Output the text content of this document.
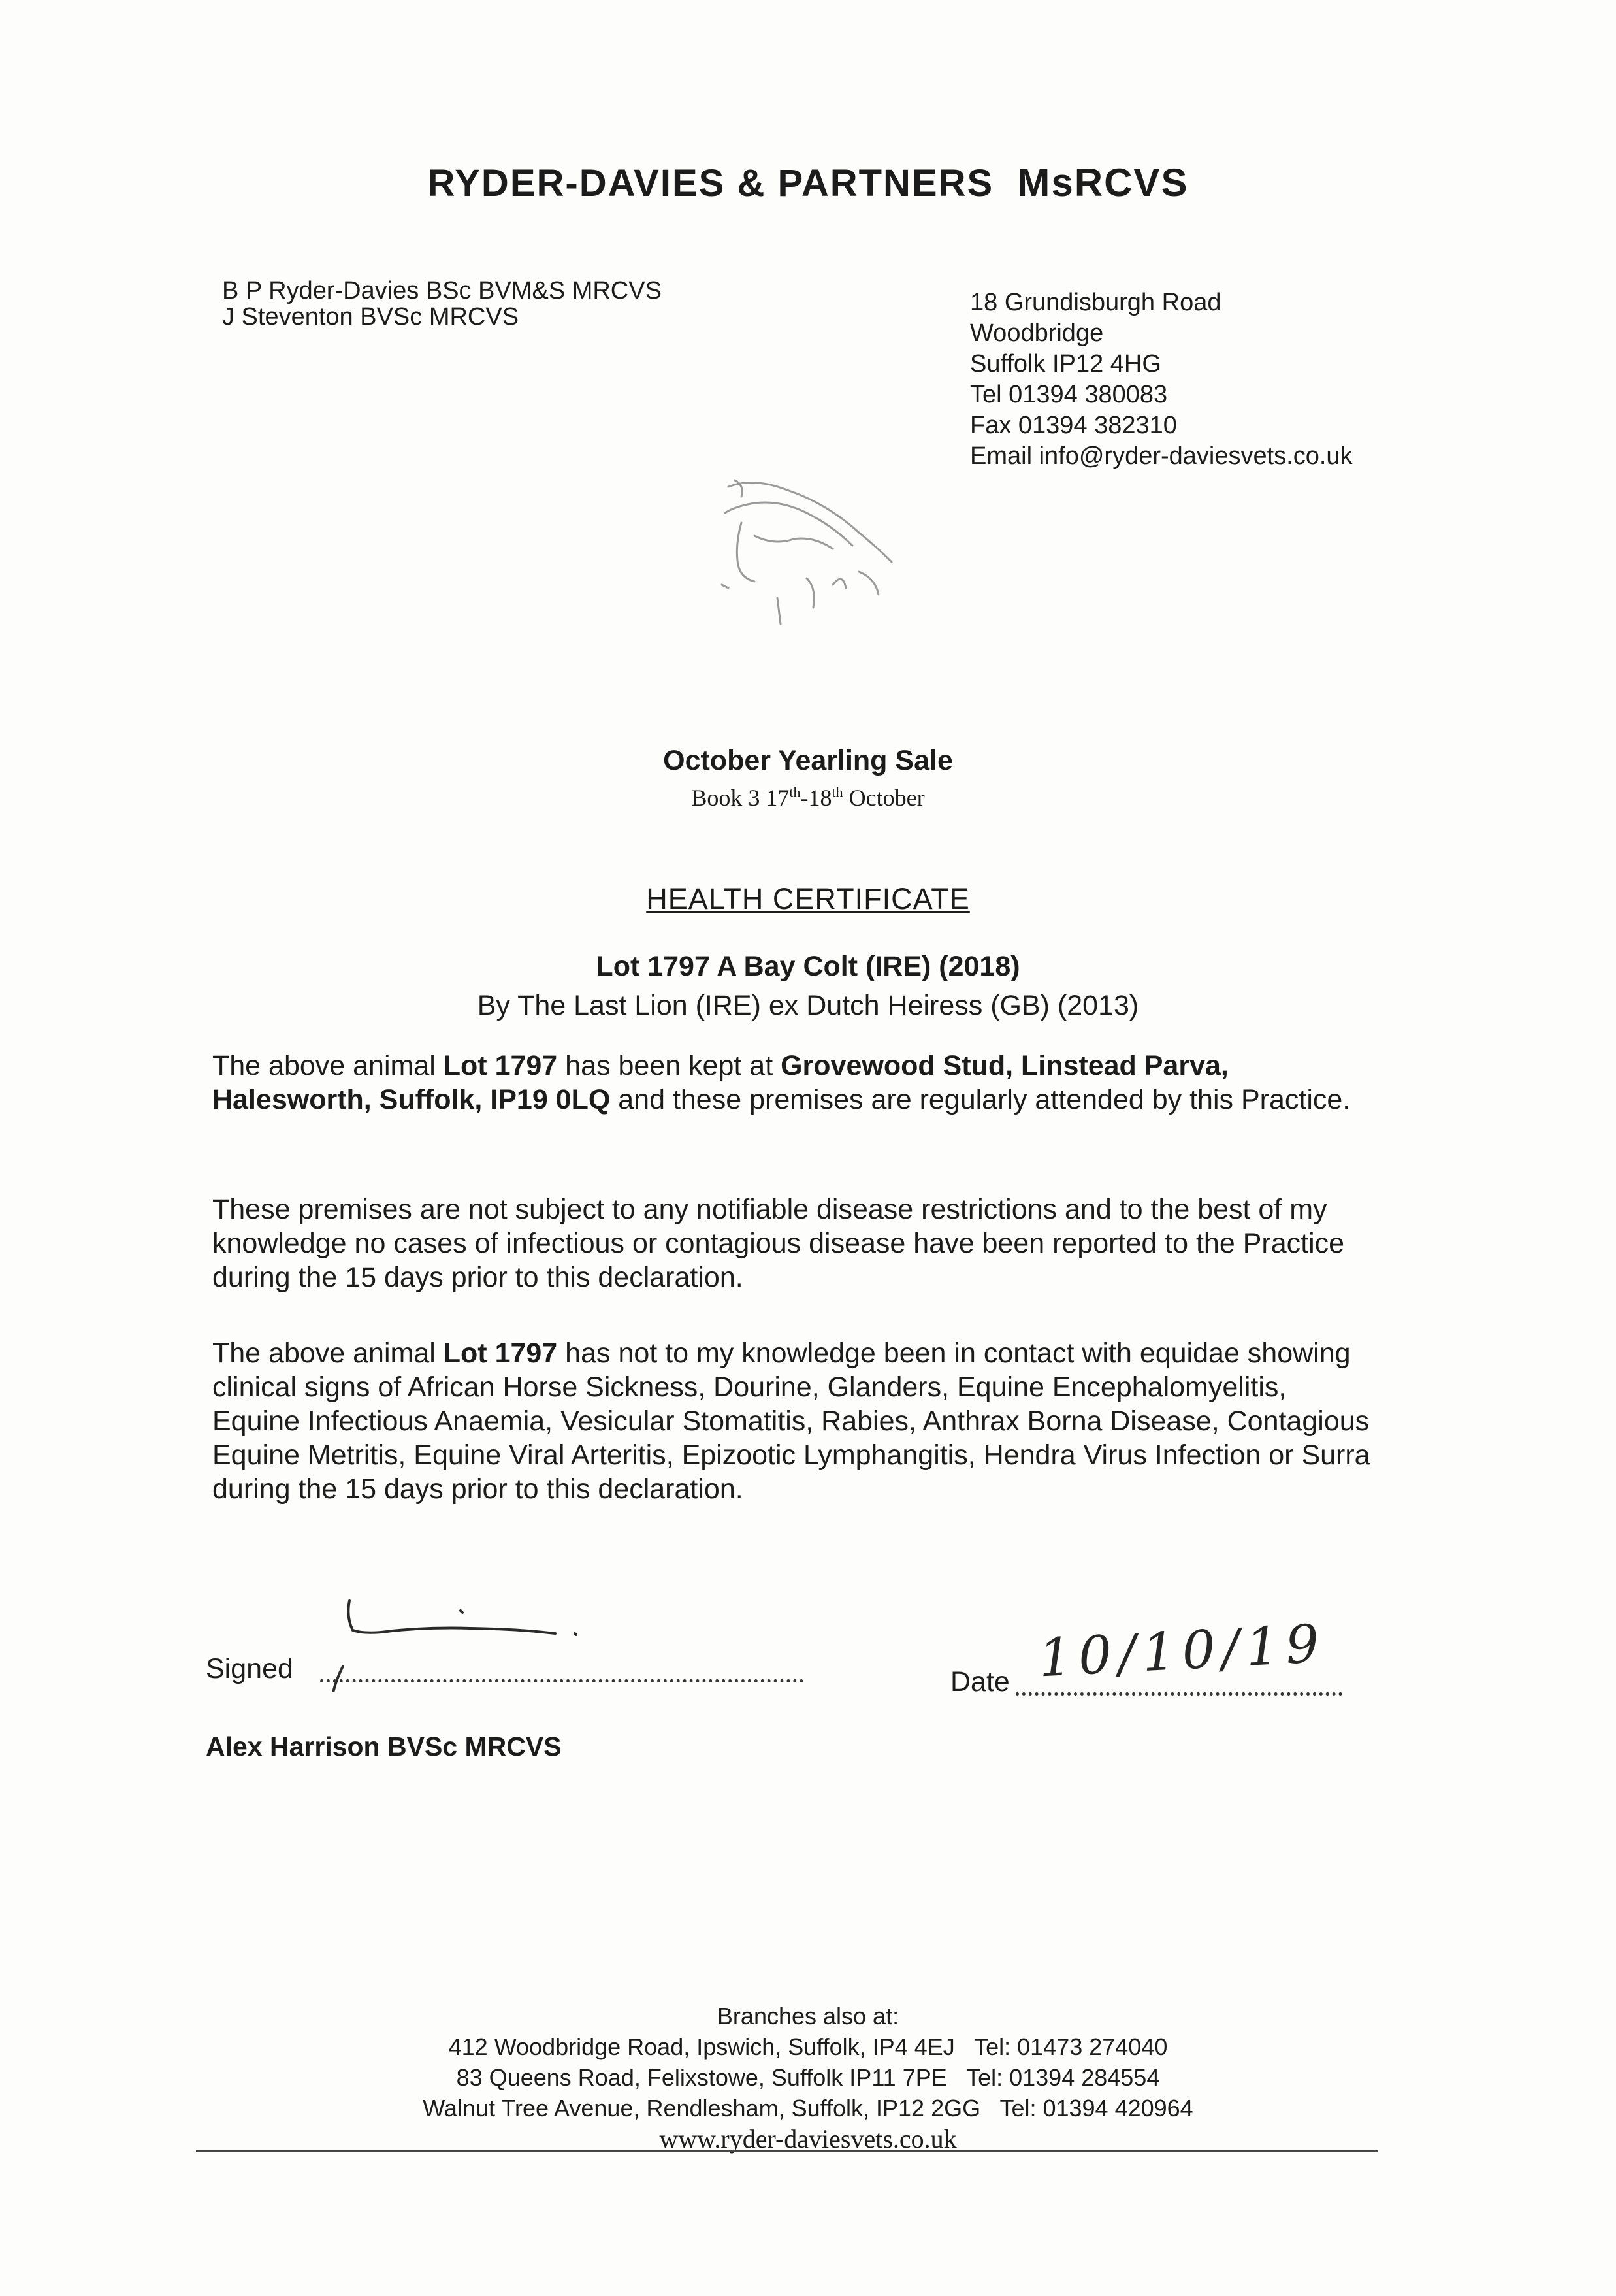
RYDER-DAVIES & PARTNERS MsRCVS
B P Ryder-Davies BSc BVM&S MRCVS
J Steventon BVSc MRCVS
18 Grundisburgh Road
Woodbridge
Suffolk IP12 4HG
Tel 01394 380083
Fax 01394 382310
Email info@ryder-daviesvets.co.uk
October Yearling Sale
Book 3 17th-18th October
HEALTH CERTIFICATE
Lot 1797 A Bay Colt (IRE) (2018)
By The Last Lion (IRE) ex Dutch Heiress (GB) (2013)
The above animal Lot 1797 has been kept at Grovewood Stud, Linstead Parva, Halesworth, Suffolk, IP19 0LQ and these premises are regularly attended by this Practice.
These premises are not subject to any notifiable disease restrictions and to the best of my knowledge no cases of infectious or contagious disease have been reported to the Practice during the 15 days prior to this declaration.
The above animal Lot 1797 has not to my knowledge been in contact with equidae showing clinical signs of African Horse Sickness, Dourine, Glanders, Equine Encephalomyelitis, Equine Infectious Anaemia, Vesicular Stomatitis, Rabies, Anthrax Borna Disease, Contagious Equine Metritis, Equine Viral Arteritis, Epizootic Lymphangitis, Hendra Virus Infection or Surra during the 15 days prior to this declaration.
Signed	Date 10/10/19
Alex Harrison BVSc MRCVS
Branches also at:
412 Woodbridge Road, Ipswich, Suffolk, IP4 4EJ   Tel: 01473 274040
83 Queens Road, Felixstowe, Suffolk IP11 7PE   Tel: 01394 284554
Walnut Tree Avenue, Rendlesham, Suffolk, IP12 2GG   Tel: 01394 420964
www.ryder-daviesvets.co.uk
